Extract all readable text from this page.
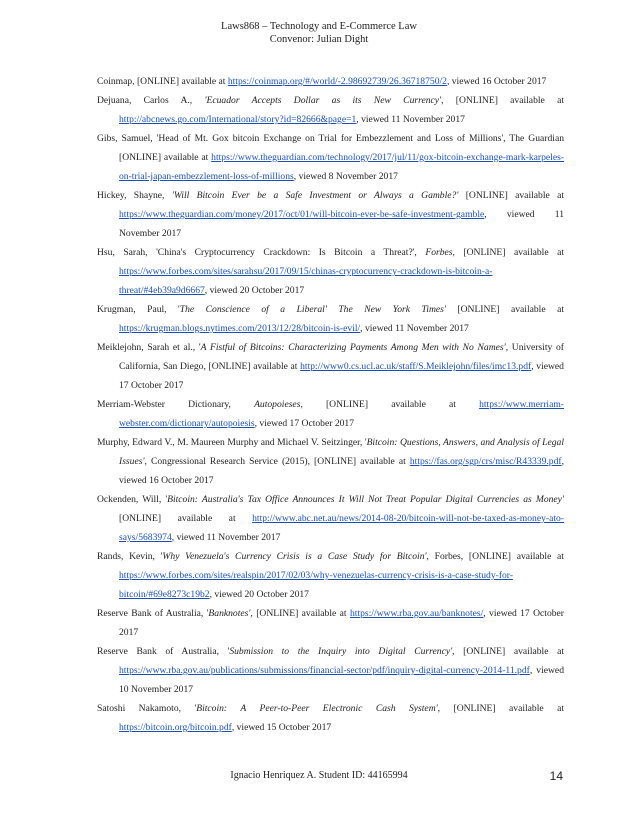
Laws868 – Technology and E-Commerce Law
Convenor: Julian Dight

Coinmap, [ONLINE] available at https://coinmap.org/#/world/-2.98692739/26.36718750/2, viewed 16 October 2017

Dejuana, Carlos A., 'Ecuador Accepts Dollar as its New Currency', [ONLINE] available at http://abcnews.go.com/International/story?id=82666&page=1, viewed 11 November 2017

Gibs, Samuel, 'Head of Mt. Gox bitcoin Exchange on Trial for Embezzlement and Loss of Millions', The Guardian [ONLINE] available at https://www.theguardian.com/technology/2017/jul/11/gox-bitcoin-exchange-mark-karpeles-on-trial-japan-embezzlement-loss-of-millions, viewed 8 November 2017

Hickey, Shayne, 'Will Bitcoin Ever be a Safe Investment or Always a Gamble?' [ONLINE] available at https://www.theguardian.com/money/2017/oct/01/will-bitcoin-ever-be-safe-investment-gamble, viewed 11 November 2017

Hsu, Sarah, 'China's Cryptocurrency Crackdown: Is Bitcoin a Threat?', Forbes, [ONLINE] available at https://www.forbes.com/sites/sarahsu/2017/09/15/chinas-cryptocurrency-crackdown-is-bitcoin-a-threat/#4eb39a9d6667, viewed 20 October 2017

Krugman, Paul, 'The Conscience of a Liberal' The New York Times' [ONLINE] available at https://krugman.blogs.nytimes.com/2013/12/28/bitcoin-is-evil/, viewed 11 November 2017

Meiklejohn, Sarah et al., 'A Fistful of Bitcoins: Characterizing Payments Among Men with No Names', University of California, San Diego, [ONLINE] available at http://www0.cs.ucl.ac.uk/staff/S.Meiklejohn/files/imc13.pdf, viewed 17 October 2017

Merriam-Webster Dictionary, Autopoieses, [ONLINE] available at https://www.merriam-webster.com/dictionary/autopoiesis, viewed 17 October 2017

Murphy, Edward V., M. Maureen Murphy and Michael V. Seitzinger, 'Bitcoin: Questions, Answers, and Analysis of Legal Issues', Congressional Research Service (2015), [ONLINE] available at https://fas.org/sgp/crs/misc/R43339.pdf, viewed 16 October 2017

Ockenden, Will, 'Bitcoin: Australia's Tax Office Announces It Will Not Treat Popular Digital Currencies as Money' [ONLINE] available at http://www.abc.net.au/news/2014-08-20/bitcoin-will-not-be-taxed-as-money-ato-says/5683974, viewed 11 November 2017

Rands, Kevin, 'Why Venezuela's Currency Crisis is a Case Study for Bitcoin', Forbes, [ONLINE] available at https://www.forbes.com/sites/realspin/2017/02/03/why-venezuelas-currency-crisis-is-a-case-study-for-bitcoin/#69e8273c19b2, viewed 20 October 2017

Reserve Bank of Australia, 'Banknotes', [ONLINE] available at https://www.rba.gov.au/banknotes/, viewed 17 October 2017

Reserve Bank of Australia, 'Submission to the Inquiry into Digital Currency', [ONLINE] available at https://www.rba.gov.au/publications/submissions/financial-sector/pdf/inquiry-digital-currency-2014-11.pdf, viewed 10 November 2017

Satoshi Nakamoto, 'Bitcoin: A Peer-to-Peer Electronic Cash System', [ONLINE] available at https://bitcoin.org/bitcoin.pdf, viewed 15 October 2017

Ignacio Henriquez A. Student ID: 44165994	14
